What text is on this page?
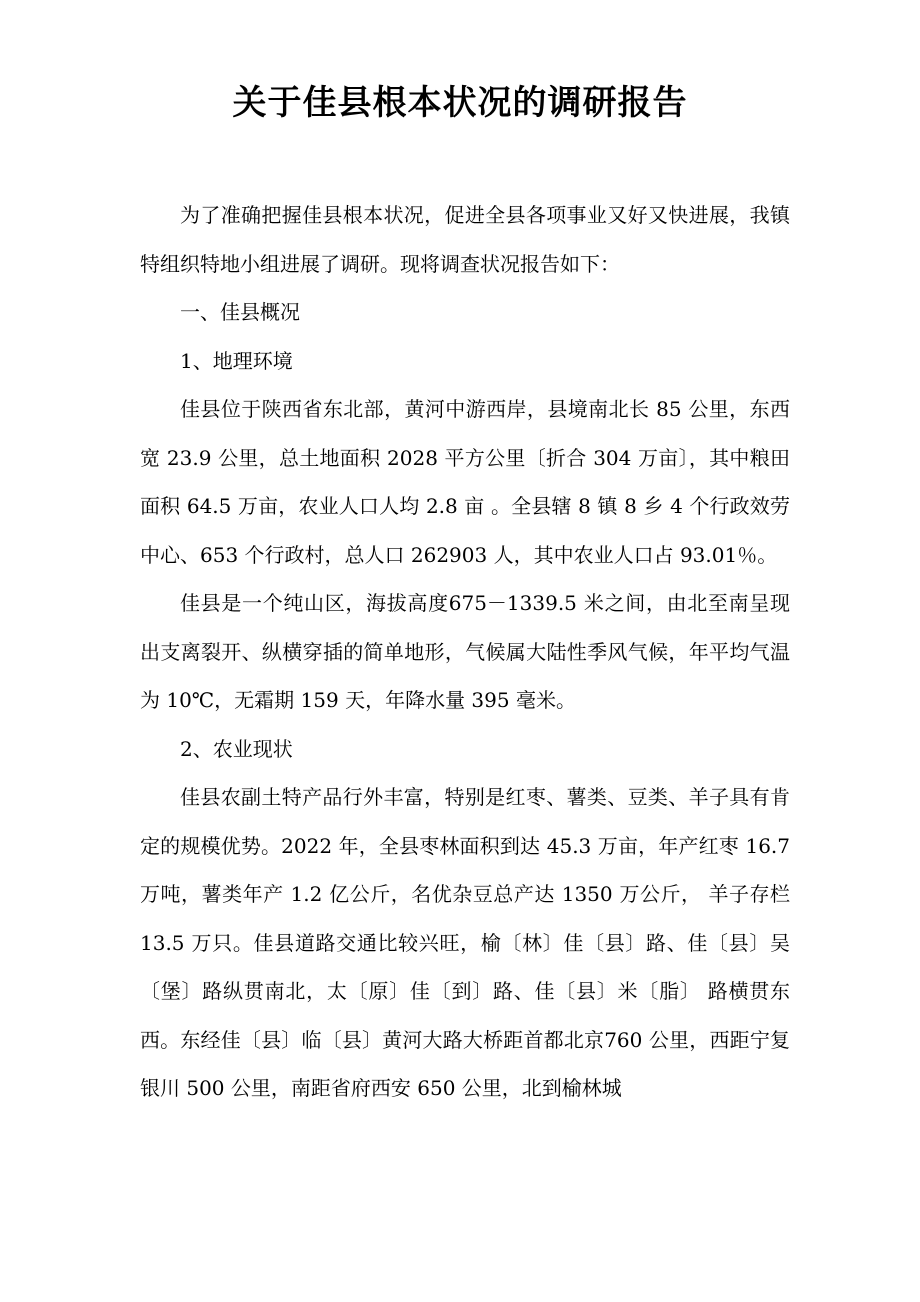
关于佳县根本状况的调研报告

为了准确把握佳县根本状况，促进全县各项事业又好又快进展，我镇特组织特地小组进展了调研。现将调查状况报告如下：

一、佳县概况

1、地理环境

佳县位于陕西省东北部，黄河中游西岸，县境南北长 85 公里，东西宽 23.9 公里，总土地面积 2028 平方公里〔折合 304 万亩〕，其中粮田面积 64.5 万亩，农业人口人均 2.8 亩 。全县辖 8 镇 8 乡 4 个行政效劳中心、653 个行政村，总人口 262903 人，其中农业人口占 93.01％。

佳县是一个纯山区，海拔高度675－1339.5 米之间，由北至南呈现出支离裂开、纵横穿插的简单地形，气候属大陆性季风气候，年平均气温为 10℃，无霜期 159 天，年降水量 395 毫米。

2、农业现状

佳县农副土特产品行外丰富，特别是红枣、薯类、豆类、羊子具有肯定的规模优势。2022 年，全县枣林面积到达 45.3 万亩，年产红枣 16.7 万吨，薯类年产 1.2 亿公斤，名优杂豆总产达 1350 万公斤， 羊子存栏 13.5 万只。佳县道路交通比较兴旺，榆〔林〕佳〔县〕路、佳〔县〕吴〔堡〕路纵贯南北，太〔原〕佳〔到〕路、佳〔县〕米〔脂〕 路横贯东西。东经佳〔县〕临〔县〕黄河大路大桥距首都北京760 公里，西距宁复银川 500 公里，南距省府西安 650 公里，北到榆林城
